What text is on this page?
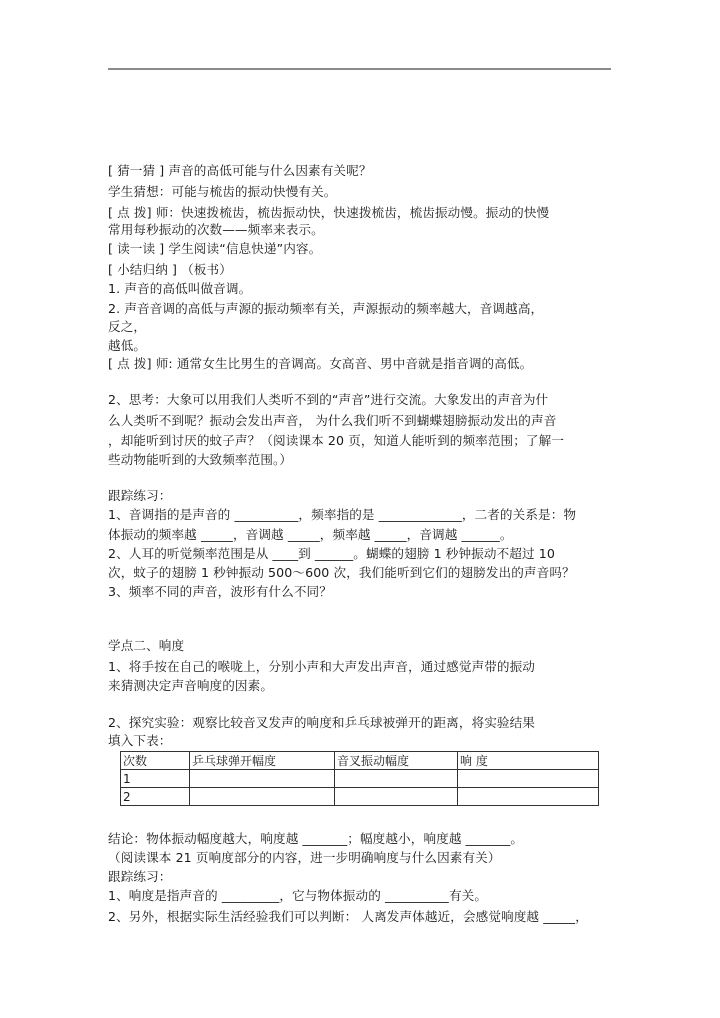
[ 猜一猜 ] 声音的高低可能与什么因素有关呢？
学生猜想：可能与梳齿的振动快慢有关。
[ 点 拨] 师：快速拨梳齿，梳齿振动快，快速拨梳齿，梳齿振动慢。振动的快慢
常用每秒振动的次数——频率来表示。
[ 读一读 ] 学生阅读“信息快递”内容。
[ 小结归纳 ] （板书）
1. 声音的高低叫做音调。
2. 声音音调的高低与声源的振动频率有关，声源振动的频率越大，音调越高，
反之，
越低。
[ 点 拨] 师: 通常女生比男生的音调高。女高音、男中音就是指音调的高低。
2、思考：大象可以用我们人类听不到的“声音”进行交流。大象发出的声音为什
么人类听不到呢？振动会发出声音， 为什么我们听不到蝴蝶翅膀振动发出的声音
，却能听到讨厌的蚊子声？（阅读课本 20 页，知道人能听到的频率范围；了解一
些动物能听到的大致频率范围。）
跟踪练习：
1、音调指的是声音的 __________，频率指的是 _____________，二者的关系是：物
体振动的频率越 _____，音调越 _____，频率越 _____，音调越 ______。
2、人耳的听觉频率范围是从 ____到 ______。蝴蝶的翅膀 1 秒钟振动不超过 10
次，蚊子的翅膀 1 秒钟振动 500～600 次，我们能听到它们的翅膀发出的声音吗？
3、频率不同的声音，波形有什么不同？
学点二、响度
1、将手按在自己的喉咙上，分别小声和大声发出声音，通过感觉声带的振动
来猜测决定声音响度的因素。
2、探究实验：观察比较音叉发声的响度和乒乓球被弹开的距离，将实验结果
填入下表：
次数	乒乓球弹开幅度	音叉振动幅度	响 度
1			
2			
结论：物体振动幅度越大，响度越 _______；幅度越小，响度越 _______。
（阅读课本 21 页响度部分的内容，进一步明确响度与什么因素有关）
跟踪练习：
1、响度是指声音的 _________，它与物体振动的 __________有关。
2、另外，根据实际生活经验我们可以判断： 人离发声体越近，会感觉响度越 _____，
